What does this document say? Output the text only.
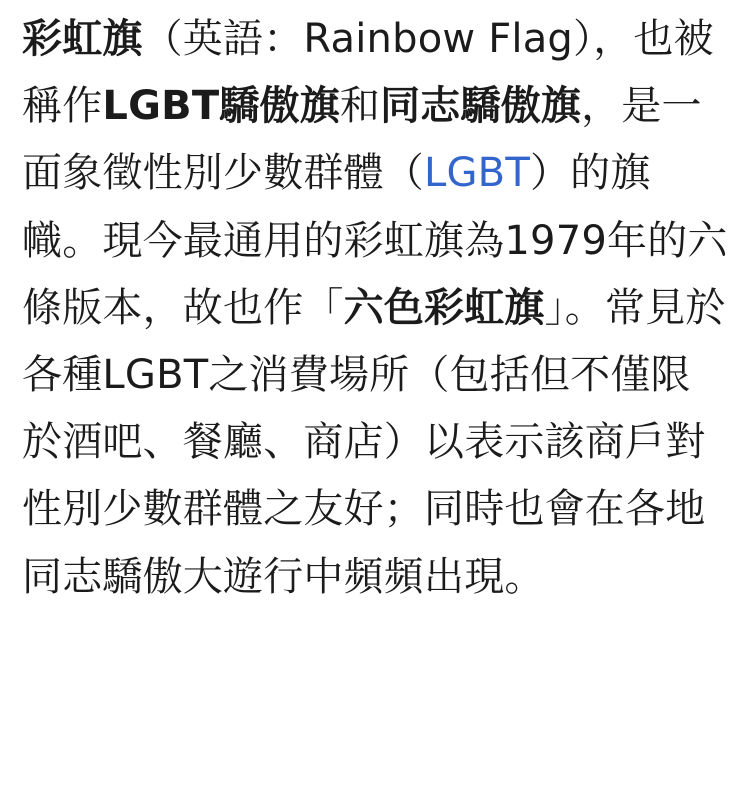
彩虹旗（英語：Rainbow Flag），也被稱作LGBT驕傲旗和同志驕傲旗，是一面象徵性別少數群體（LGBT）的旗幟。現今最通用的彩虹旗為1979年的六條版本，故也作「六色彩虹旗」。常見於各種LGBT之消費場所（包括但不僅限於酒吧、餐廳、商店）以表示該商戶對性別少數群體之友好；同時也會在各地同志驕傲大遊行中頻頻出現。
